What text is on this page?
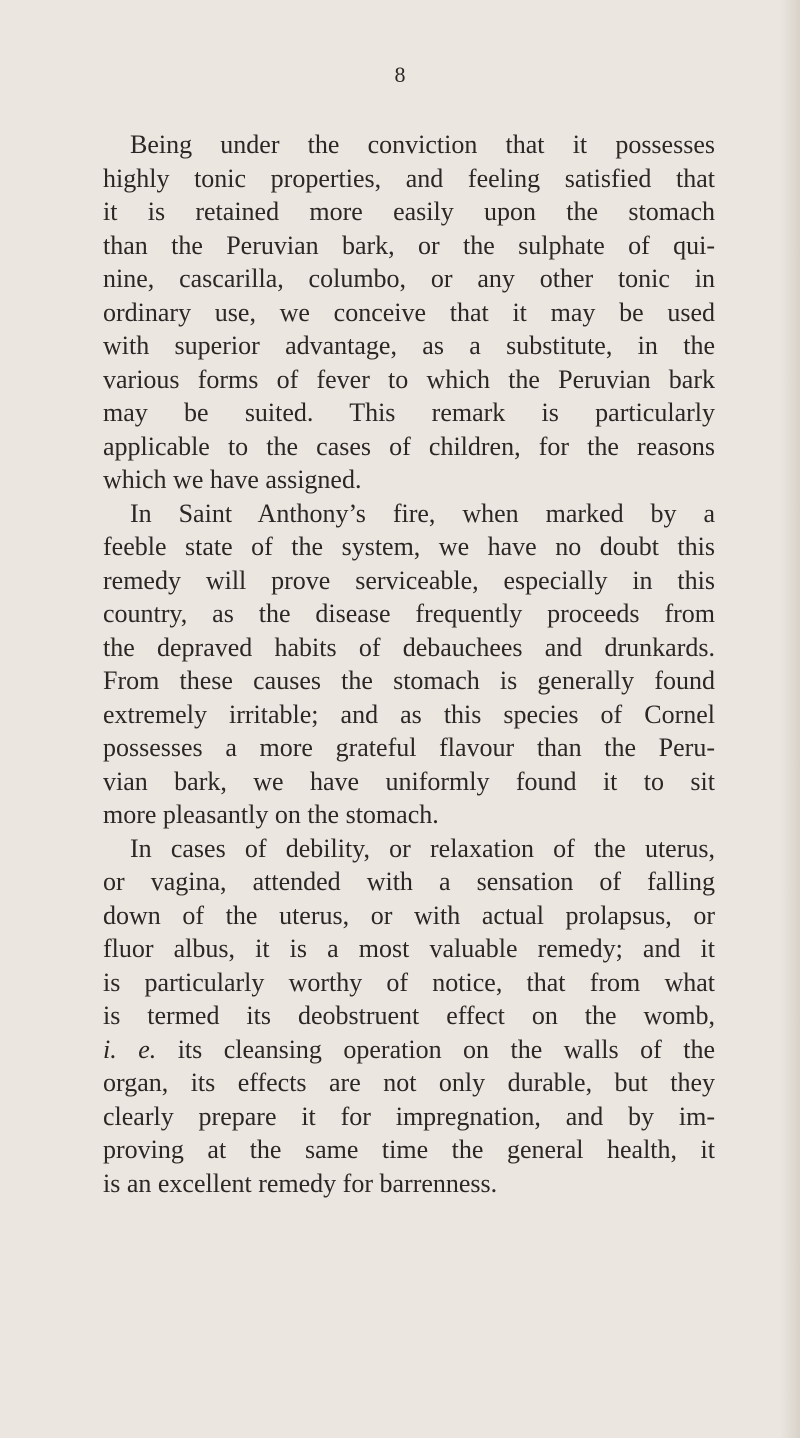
8
Being under the conviction that it possesses
highly tonic properties, and feeling satisfied that
it is retained more easily upon the stomach
than the Peruvian bark, or the sulphate of qui-
nine, cascarilla, columbo, or any other tonic in
ordinary use, we conceive that it may be used
with superior advantage, as a substitute, in the
various forms of fever to which the Peruvian bark
may be suited. This remark is particularly
applicable to the cases of children, for the reasons
which we have assigned.
In Saint Anthony’s fire, when marked by a
feeble state of the system, we have no doubt this
remedy will prove serviceable, especially in this
country, as the disease frequently proceeds from
the depraved habits of debauchees and drunkards.
From these causes the stomach is generally found
extremely irritable; and as this species of Cornel
possesses a more grateful flavour than the Peru-
vian bark, we have uniformly found it to sit
more pleasantly on the stomach.
In cases of debility, or relaxation of the uterus,
or vagina, attended with a sensation of falling
down of the uterus, or with actual prolapsus, or
fluor albus, it is a most valuable remedy; and it
is particularly worthy of notice, that from what
is termed its deobstruent effect on the womb,
i. e. its cleansing operation on the walls of the
organ, its effects are not only durable, but they
clearly prepare it for impregnation, and by im-
proving at the same time the general health, it
is an excellent remedy for barrenness.
